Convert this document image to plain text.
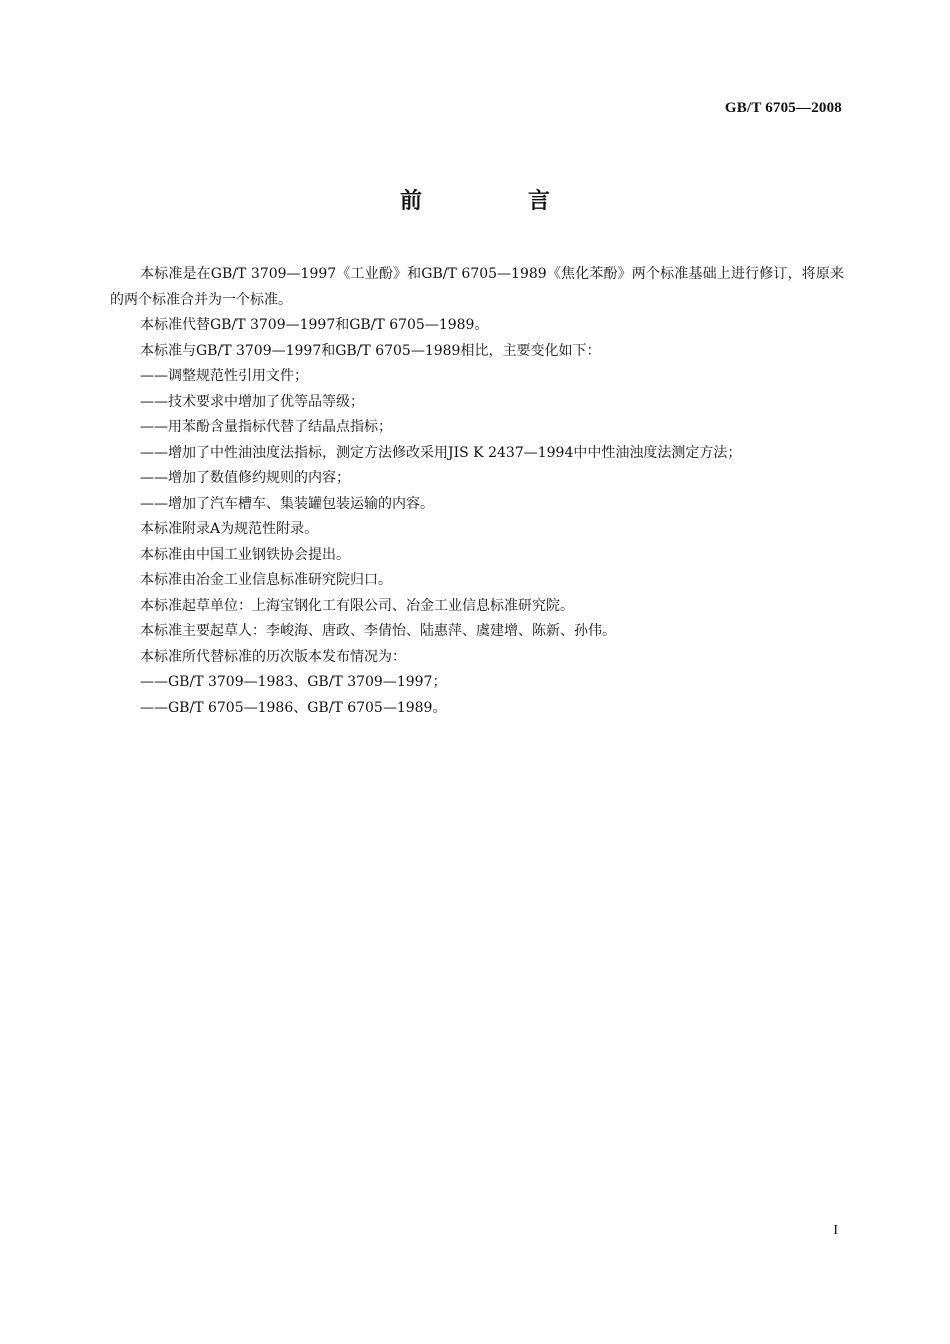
GB/T 6705—2008
前　言

本标准是在GB/T 3709—1997《工业酚》和GB/T 6705—1989《焦化苯酚》两个标准基础上进行修订，将原来的两个标准合并为一个标准。

本标准代替GB/T 3709—1997和GB/T 6705—1989。

本标准与GB/T 3709—1997和GB/T 6705—1989相比，主要变化如下：

——调整规范性引用文件；

——技术要求中增加了优等品等级；

——用苯酚含量指标代替了结晶点指标；

——增加了中性油浊度法指标，测定方法修改采用JIS K 2437—1994中中性油浊度法测定方法；

——增加了数值修约规则的内容；

——增加了汽车槽车、集装罐包装运输的内容。

本标准附录A为规范性附录。

本标准由中国工业钢铁协会提出。

本标准由冶金工业信息标准研究院归口。

本标准起草单位：上海宝钢化工有限公司、冶金工业信息标准研究院。

本标准主要起草人：李峻海、唐政、李倩怡、陆惠萍、虞建增、陈新、孙伟。

本标准所代替标准的历次版本发布情况为：

——GB/T 3709—1983、GB/T 3709—1997；

——GB/T 6705—1986、GB/T 6705—1989。

I
